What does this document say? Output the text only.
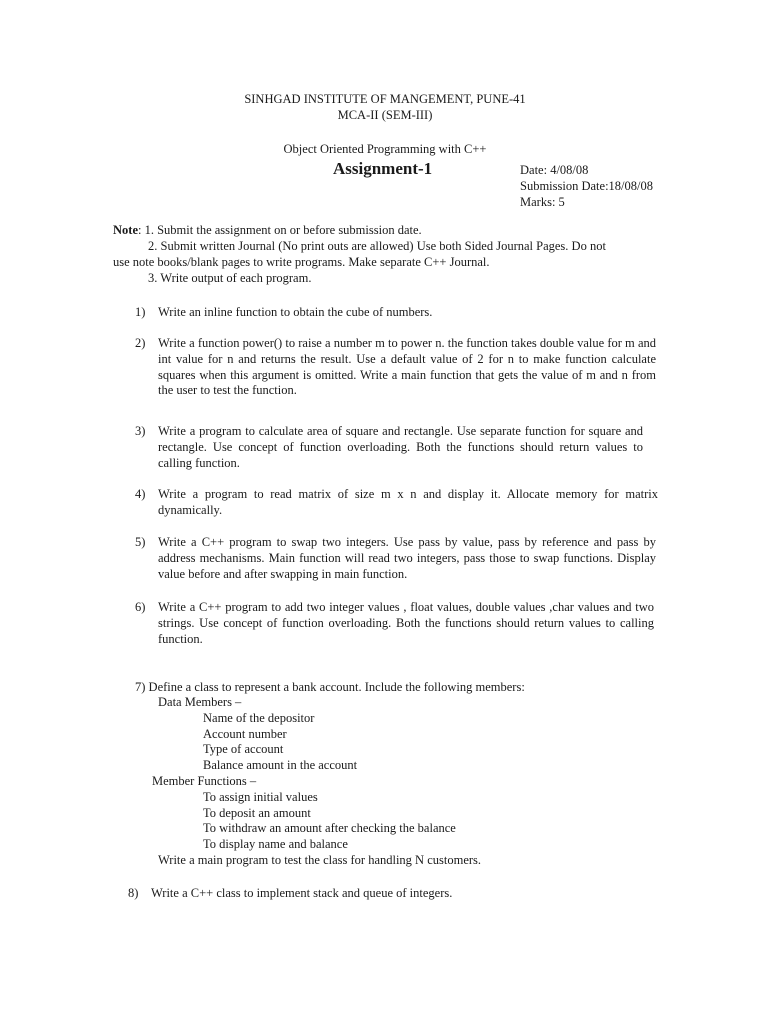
SINHGAD INSTITUTE OF MANGEMENT, PUNE-41
MCA-II (SEM-III)
Object Oriented Programming with C++
Assignment-1	Date: 4/08/08
Submission Date:18/08/08
Marks: 5
Note: 1. Submit the assignment on or before submission date.
2. Submit written Journal (No print outs are allowed) Use both Sided Journal Pages. Do not
use note books/blank pages to write programs. Make separate C++ Journal.
3. Write output of each program.
1) Write an inline function to obtain the cube of numbers.
2) Write a function power() to raise a number m to power n. the function takes double value for m and int value for n and returns the result. Use a default value of 2 for n to make function calculate squares when this argument is omitted. Write a main function that gets the value of m and n from the user to test the function.
3) Write a program to calculate area of square and rectangle. Use separate function for square and rectangle. Use concept of function overloading. Both the functions should return values to calling function.
4) Write a program to read matrix of size m x n and display it. Allocate memory for matrix dynamically.
5) Write a C++ program to swap two integers. Use pass by value, pass by reference and pass by address mechanisms. Main function will read two integers, pass those to swap functions. Display value before and after swapping in main function.
6) Write a C++ program to add two integer values , float values, double values ,char values and two strings. Use concept of function overloading. Both the functions should return values to calling function.
7) Define a class to represent a bank account. Include the following members:
Data Members –
Name of the depositor
Account number
Type of account
Balance amount in the account
Member Functions –
To assign initial values
To deposit an amount
To withdraw an amount after checking the balance
To display name and balance
Write a main program to test the class for handling N customers.
8) Write a C++ class to implement stack and queue of integers.
